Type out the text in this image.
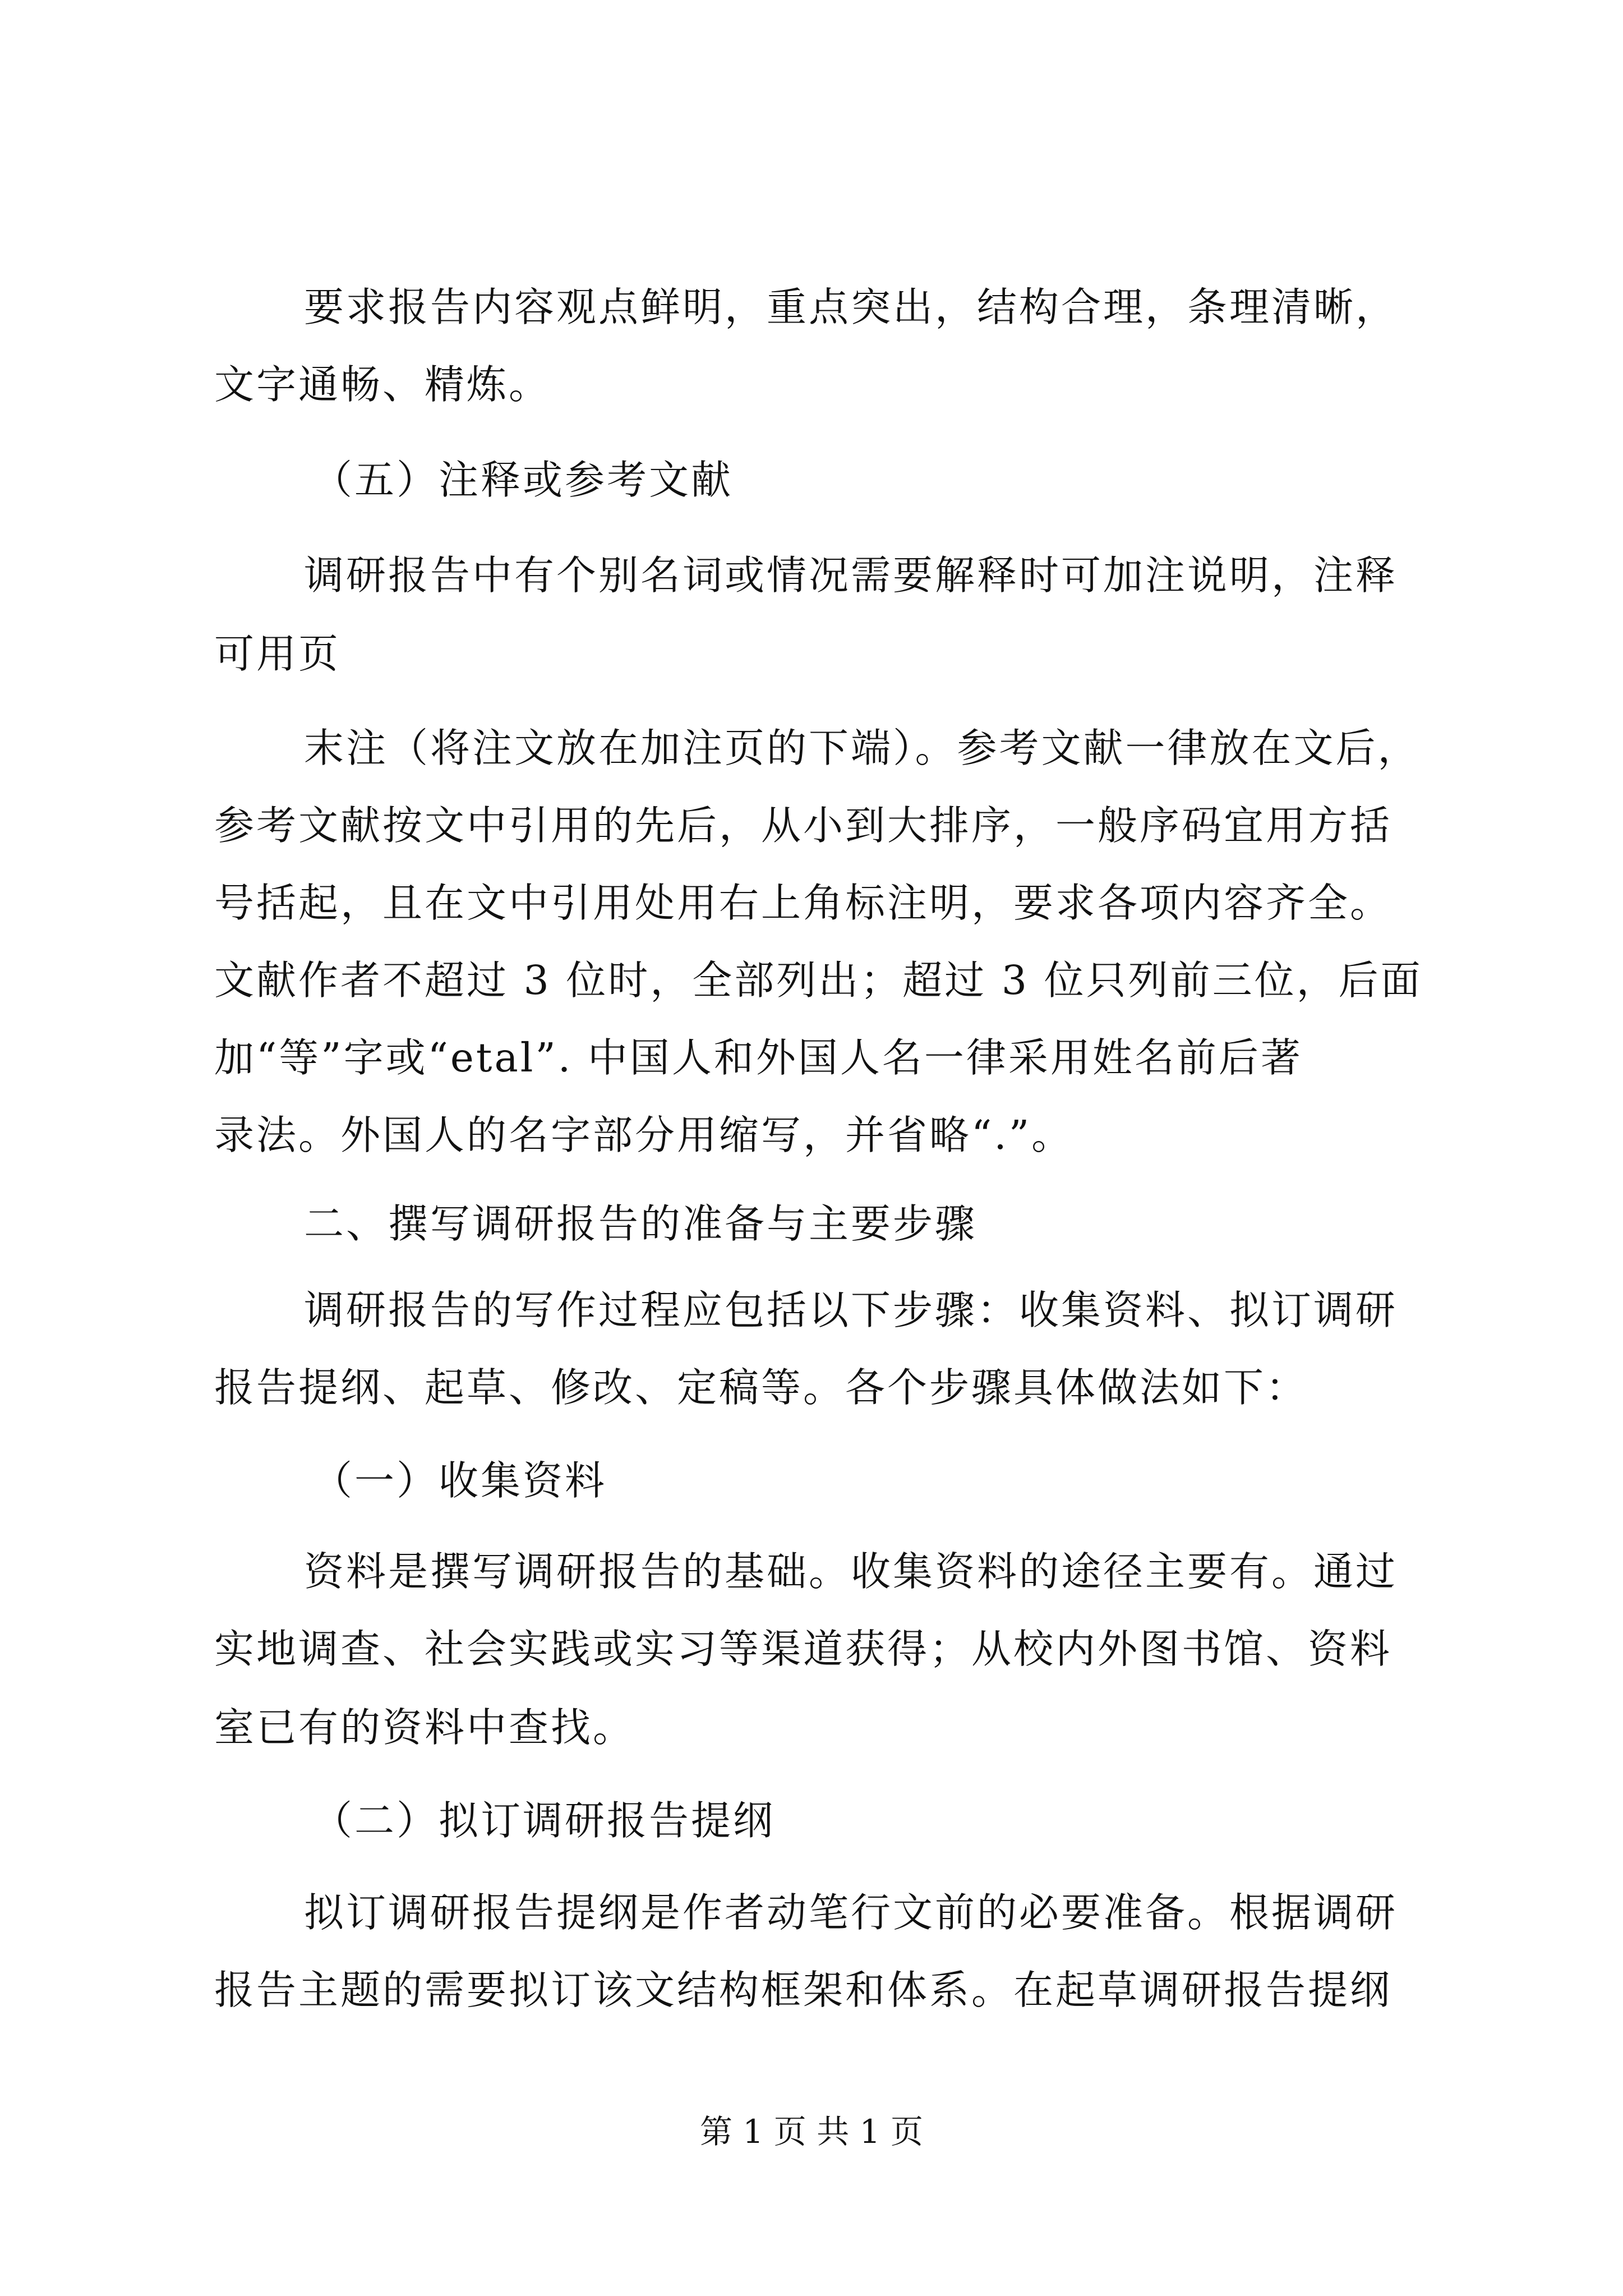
要求报告内容观点鲜明，重点突出，结构合理，条理清晰，
文字通畅、精炼。
（五）注释或参考文献
调研报告中有个别名词或情况需要解释时可加注说明，注释
可用页
末注（将注文放在加注页的下端）。参考文献一律放在文后，
参考文献按文中引用的先后，从小到大排序，一般序码宜用方括
号括起，且在文中引用处用右上角标注明，要求各项内容齐全。
文献作者不超过 3 位时，全部列出；超过 3 位只列前三位，后面
加“等”字或“etal”. 中国人和外国人名一律采用姓名前后著
录法。外国人的名字部分用缩写，并省略“.”。
二、撰写调研报告的准备与主要步骤
调研报告的写作过程应包括以下步骤：收集资料、拟订调研
报告提纲、起草、修改、定稿等。各个步骤具体做法如下：
（一）收集资料
资料是撰写调研报告的基础。收集资料的途径主要有。通过
实地调查、社会实践或实习等渠道获得；从校内外图书馆、资料
室已有的资料中查找。
（二）拟订调研报告提纲
拟订调研报告提纲是作者动笔行文前的必要准备。根据调研
报告主题的需要拟订该文结构框架和体系。在起草调研报告提纲
第 1 页 共 1 页
